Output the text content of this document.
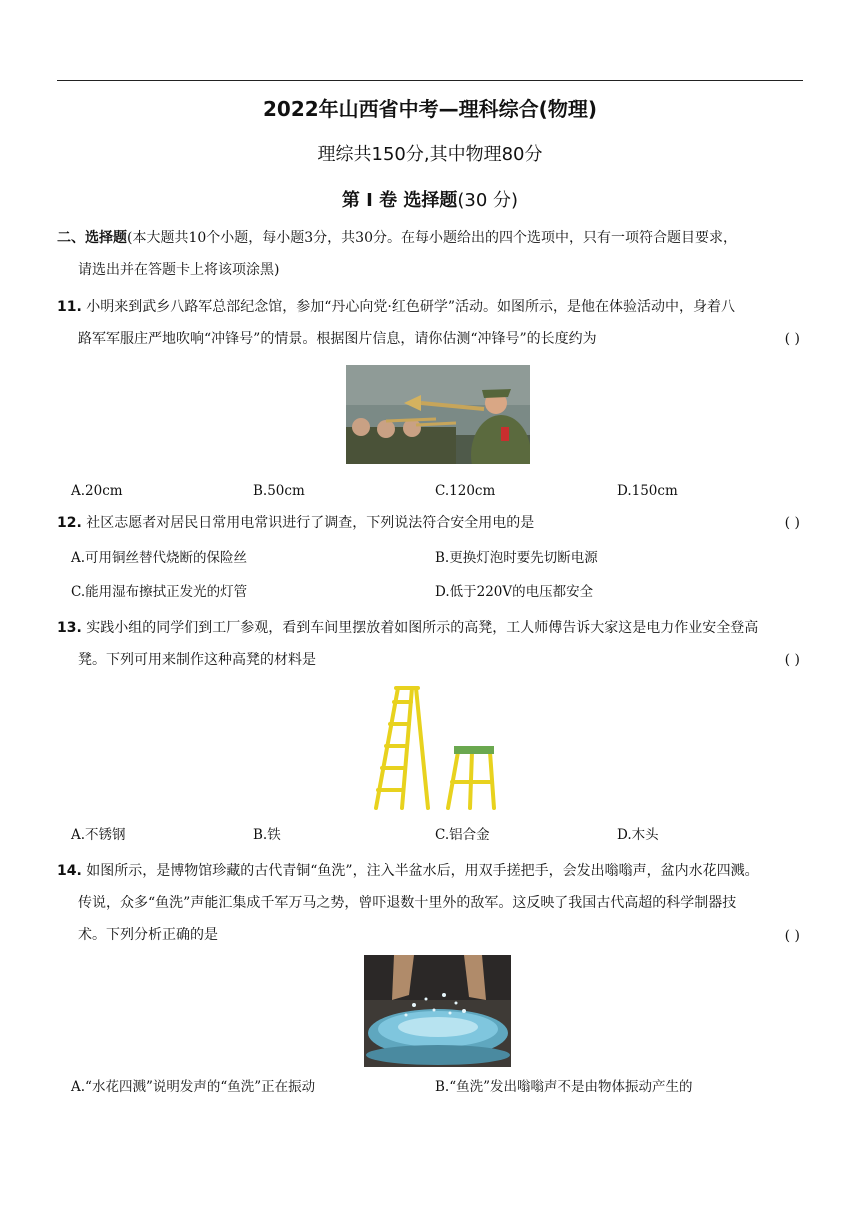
2022年山西省中考—理科综合(物理)
理综共150分,其中物理80分
第 I 卷 选择题(30 分)
二、选择题(本大题共10个小题，每小题3分，共30分。在每小题给出的四个选项中，只有一项符合题目要求，
请选出并在答题卡上将该项涂黑)
11. 小明来到武乡八路军总部纪念馆，参加“丹心向党·红色研学”活动。如图所示，是他在体验活动中，身着八
路军军服庄严地吹响“冲锋号”的情景。根据图片信息，请你估测“冲锋号”的长度约为	( )
A.20cm	B.50cm	C.120cm	D.150cm
12. 社区志愿者对居民日常用电常识进行了调查，下列说法符合安全用电的是	( )
A.可用铜丝替代烧断的保险丝	B.更换灯泡时要先切断电源
C.能用湿布擦拭正发光的灯管	D.低于220V的电压都安全
13. 实践小组的同学们到工厂参观，看到车间里摆放着如图所示的高凳，工人师傅告诉大家这是电力作业安全登高
凳。下列可用来制作这种高凳的材料是	( )
A.不锈钢	B.铁	C.铝合金	D.木头
14. 如图所示，是博物馆珍藏的古代青铜“鱼洗”，注入半盆水后，用双手搓把手，会发出嗡嗡声，盆内水花四溅。
传说，众多“鱼洗”声能汇集成千军万马之势，曾吓退数十里外的敌军。这反映了我国古代高超的科学制器技
术。下列分析正确的是	( )
A.“水花四溅”说明发声的“鱼洗”正在振动	B.“鱼洗”发出嗡嗡声不是由物体振动产生的
